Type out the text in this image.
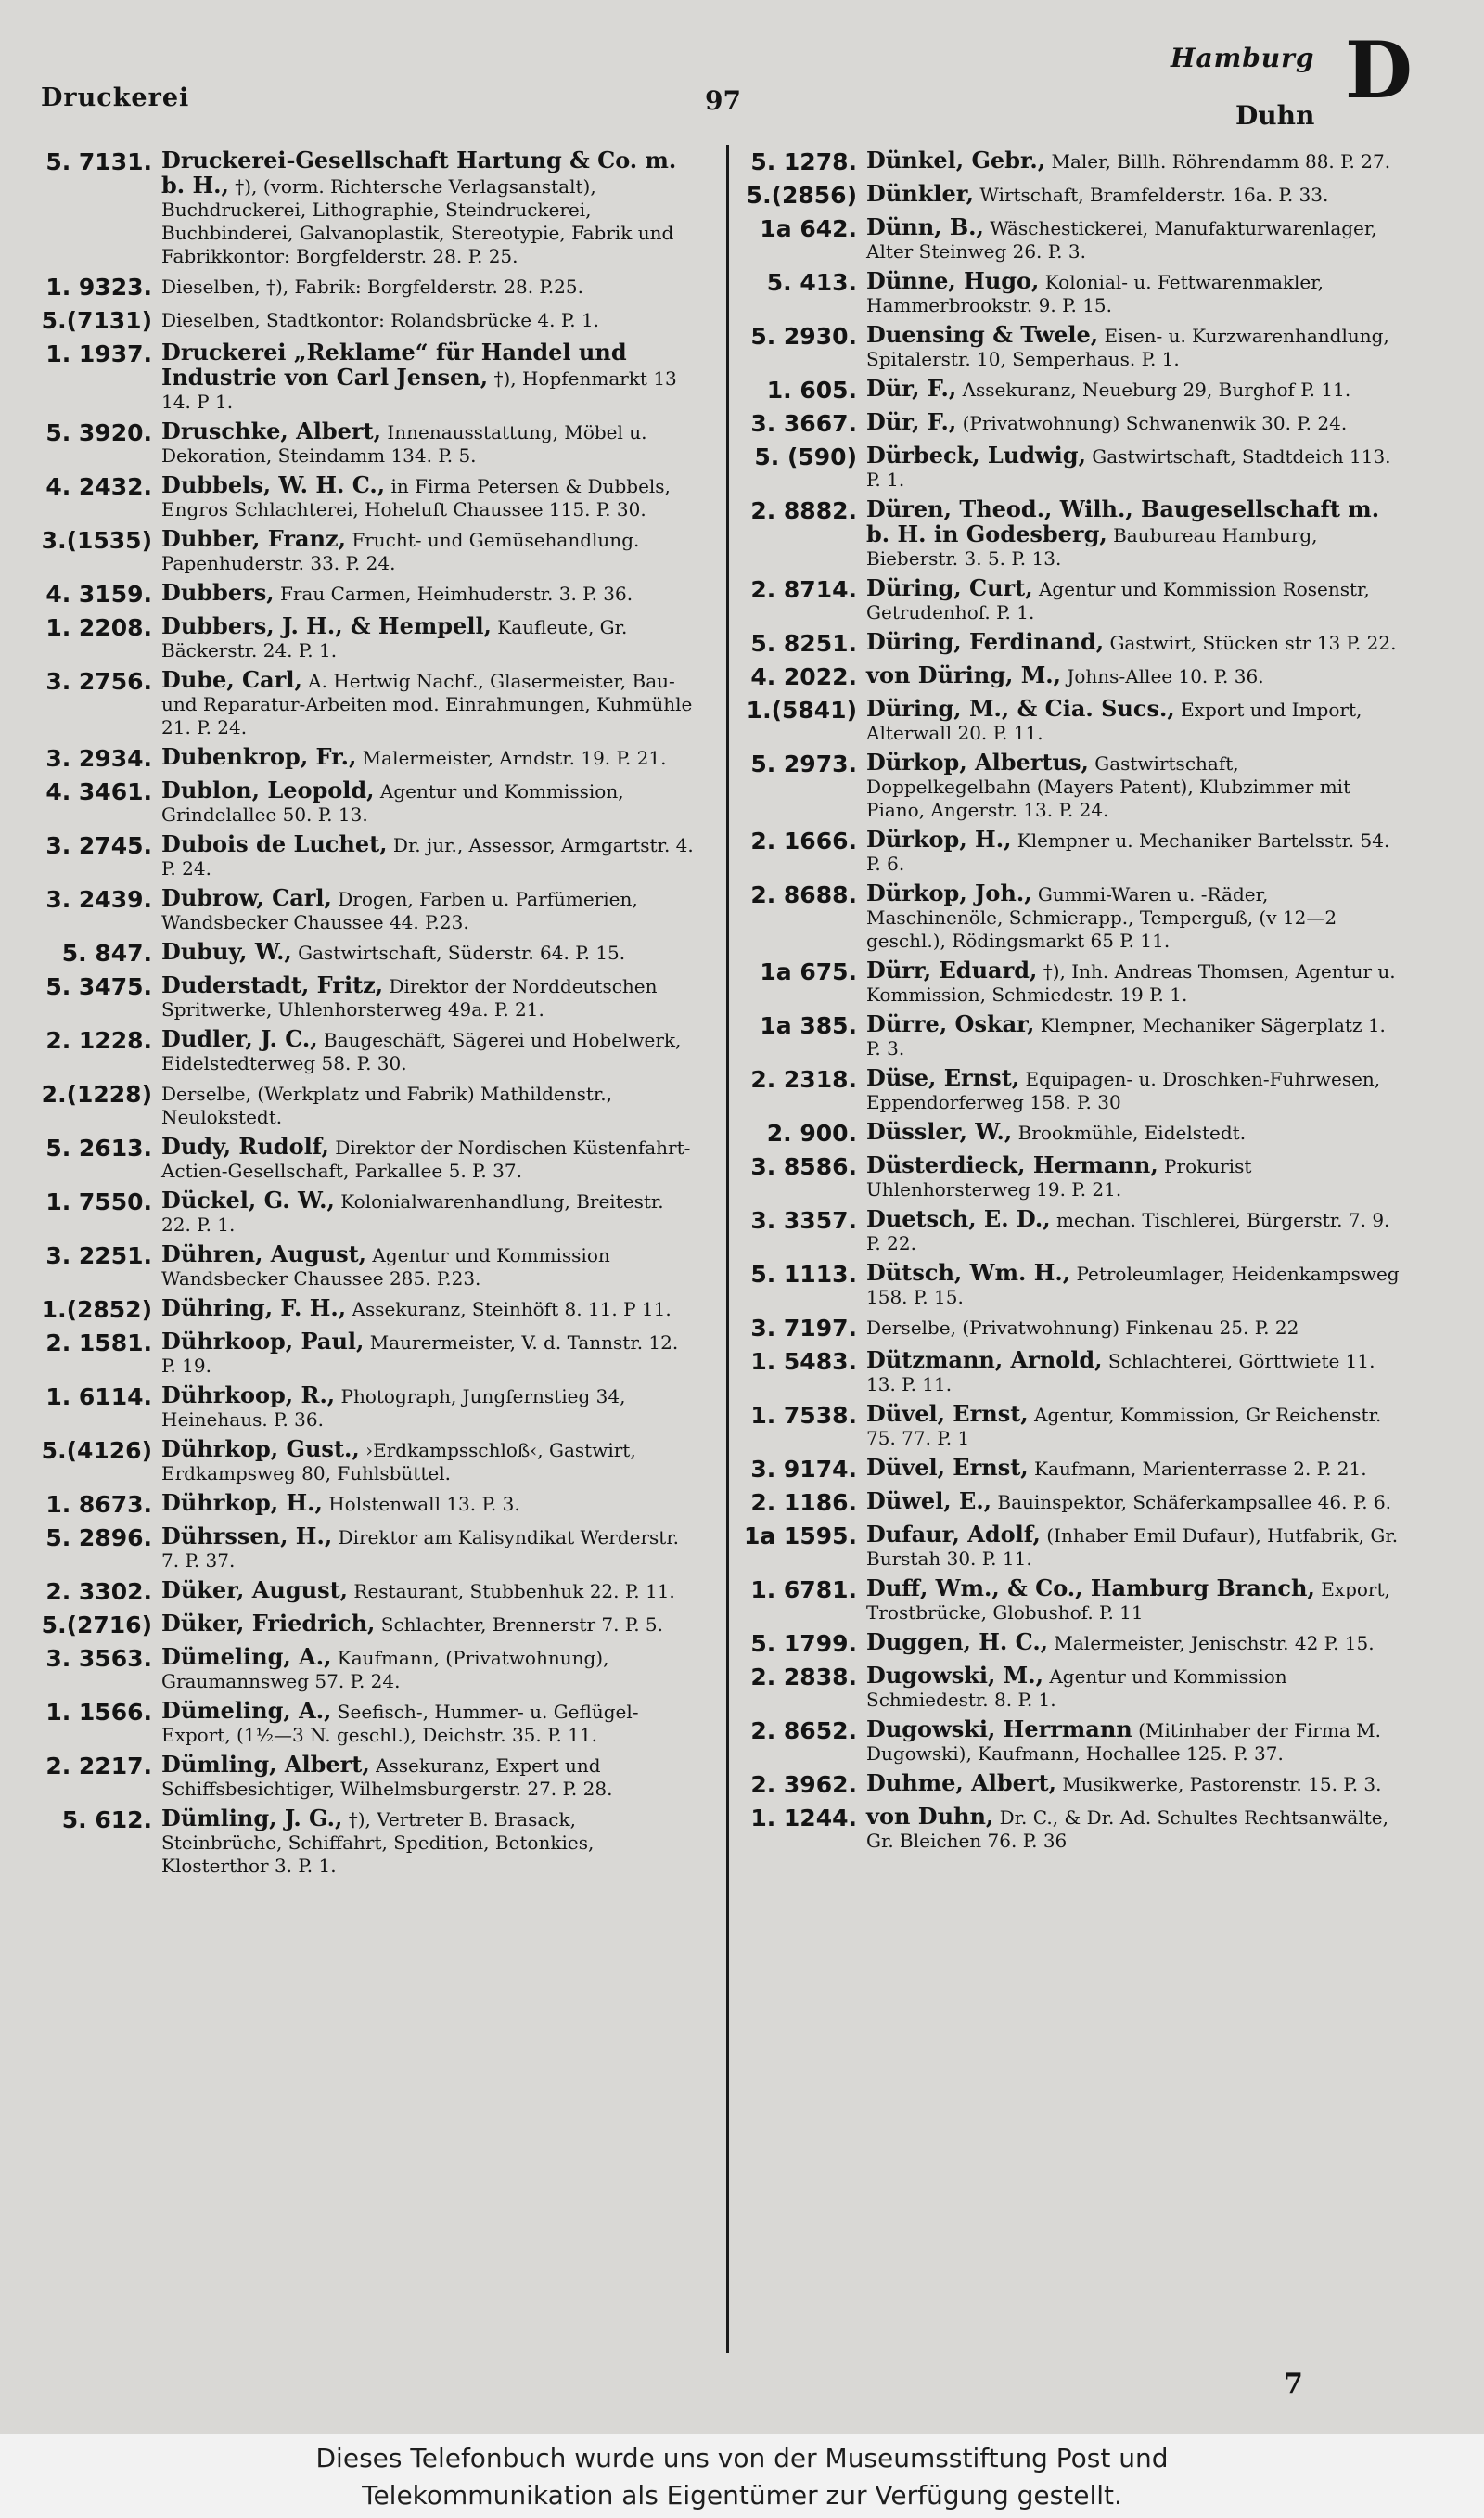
Druckerei	97
Hamburg
Duhn D
5. 7131. Druckerei-Gesellschaft Hartung & Co. m. b. H., †), (vorm. Richtersche Verlagsanstalt), Buchdruckerei, Lithographie, Steindruckerei, Buchbinderei, Galvanoplastik, Stereotypie, Fabrik und Fabrikkontor: Borgfelderstr. 28. P. 25.
1. 9323. Dieselben, †), Fabrik: Borgfelderstr. 28. P.25.
5.(7131) Dieselben, Stadtkontor: Rolandsbrücke 4. P. 1.
1. 1937. Druckerei „Reklame“ für Handel und Industrie von Carl Jensen, †), Hopfenmarkt 13 14. P 1.
5. 3920. Druschke, Albert, Innenausstattung, Möbel u. Dekoration, Steindamm 134. P. 5.
4. 2432. Dubbels, W. H. C., in Firma Petersen & Dubbels, Engros Schlachterei, Hoheluft Chaussee 115. P. 30.
3.(1535) Dubber, Franz, Frucht- und Gemüsehandlung. Papenhuderstr. 33. P. 24.
4. 3159. Dubbers, Frau Carmen, Heimhuderstr. 3. P. 36.
1. 2208. Dubbers, J. H., & Hempell, Kaufleute, Gr. Bäckerstr. 24. P. 1.
3. 2756. Dube, Carl, A. Hertwig Nachf., Glasermeister, Bau- und Reparatur-Arbeiten mod. Einrahmungen, Kuhmühle 21. P. 24.
3. 2934. Dubenkrop, Fr., Malermeister, Arndstr. 19. P. 21.
4. 3461. Dublon, Leopold, Agentur und Kommission, Grindelallee 50. P. 13.
3. 2745. Dubois de Luchet, Dr. jur., Assessor, Armgartstr. 4. P. 24.
3. 2439. Dubrow, Carl, Drogen, Farben u. Parfümerien, Wandsbecker Chaussee 44. P.23.
5. 847. Dubuy, W., Gastwirtschaft, Süderstr. 64. P. 15.
5. 3475. Duderstadt, Fritz, Direktor der Norddeutschen Spritwerke, Uhlenhorsterweg 49a. P. 21.
2. 1228. Dudler, J. C., Baugeschäft, Sägerei und Hobelwerk, Eidelstedterweg 58. P. 30.
2.(1228) Derselbe, (Werkplatz und Fabrik) Mathildenstr., Neulokstedt.
5. 2613. Dudy, Rudolf, Direktor der Nordischen Küstenfahrt-Actien-Gesellschaft, Parkallee 5. P. 37.
1. 7550. Dückel, G. W., Kolonialwarenhandlung, Breitestr. 22. P. 1.
3. 2251. Dühren, August, Agentur und Kommission Wandsbecker Chaussee 285. P.23.
1.(2852) Dühring, F. H., Assekuranz, Steinhöft 8. 11. P 11.
2. 1581. Dührkoop, Paul, Maurermeister, V. d. Tannstr. 12. P. 19.
1. 6114. Dührkoop, R., Photograph, Jungfernstieg 34, Heinehaus. P. 36.
5.(4126) Dührkop, Gust., ›Erdkampsschloß‹, Gastwirt, Erdkampsweg 80, Fuhlsbüttel.
1. 8673. Dührkop, H., Holstenwall 13. P. 3.
5. 2896. Dührssen, H., Direktor am Kalisyndikat Werderstr. 7. P. 37.
2. 3302. Düker, August, Restaurant, Stubbenhuk 22. P. 11.
5.(2716) Düker, Friedrich, Schlachter, Brennerstr 7. P. 5.
3. 3563. Dümeling, A., Kaufmann, (Privatwohnung), Graumannsweg 57. P. 24.
1. 1566. Dümeling, A., Seefisch-, Hummer- u. Geflügel-Export, (1½—3 N. geschl.), Deichstr. 35. P. 11.
2. 2217. Dümling, Albert, Assekuranz, Expert und Schiffsbesichtiger, Wilhelmsburgerstr. 27. P. 28.
5. 612. Dümling, J. G., †), Vertreter B. Brasack, Steinbrüche, Schiffahrt, Spedition, Betonkies, Klosterthor 3. P. 1.
5. 1278. Dünkel, Gebr., Maler, Billh. Röhrendamm 88. P. 27.
5.(2856) Dünkler, Wirtschaft, Bramfelderstr. 16a. P. 33.
1a 642. Dünn, B., Wäschestickerei, Manufakturwarenlager, Alter Steinweg 26. P. 3.
5. 413. Dünne, Hugo, Kolonial- u. Fettwarenmakler, Hammerbrookstr. 9. P. 15.
5. 2930. Duensing & Twele, Eisen- u. Kurzwarenhandlung, Spitalerstr. 10, Semperhaus. P. 1.
1. 605. Dür, F., Assekuranz, Neueburg 29, Burghof P. 11.
3. 3667. Dür, F., (Privatwohnung) Schwanenwik 30. P. 24.
5. (590) Dürbeck, Ludwig, Gastwirtschaft, Stadtdeich 113. P. 1.
2. 8882. Düren, Theod., Wilh., Baugesellschaft m. b. H. in Godesberg, Baubureau Hamburg, Bieberstr. 3. 5. P. 13.
2. 8714. Düring, Curt, Agentur und Kommission Rosenstr, Getrudenhof. P. 1.
5. 8251. Düring, Ferdinand, Gastwirt, Stücken str 13 P. 22.
4. 2022. von Düring, M., Johns-Allee 10. P. 36.
1.(5841) Düring, M., & Cia. Sucs., Export und Import, Alterwall 20. P. 11.
5. 2973. Dürkop, Albertus, Gastwirtschaft, Doppelkegelbahn (Mayers Patent), Klubzimmer mit Piano, Angerstr. 13. P. 24.
2. 1666. Dürkop, H., Klempner u. Mechaniker Bartelsstr. 54. P. 6.
2. 8688. Dürkop, Joh., Gummi-Waren u. -Räder, Maschinenöle, Schmierapp., Temperguß, (v 12—2 geschl.), Rödingsmarkt 65 P. 11.
1a 675. Dürr, Eduard, †), Inh. Andreas Thomsen, Agentur u. Kommission, Schmiedestr. 19 P. 1.
1a 385. Dürre, Oskar, Klempner, Mechaniker Sägerplatz 1. P. 3.
2. 2318. Düse, Ernst, Equipagen- u. Droschken-Fuhrwesen, Eppendorferweg 158. P. 30
2. 900. Düssler, W., Brookmühle, Eidelstedt.
3. 8586. Düsterdieck, Hermann, Prokurist Uhlenhorsterweg 19. P. 21.
3. 3357. Duetsch, E. D., mechan. Tischlerei, Bürgerstr. 7. 9. P. 22.
5. 1113. Dütsch, Wm. H., Petroleumlager, Heidenkampsweg 158. P. 15.
3. 7197. Derselbe, (Privatwohnung) Finkenau 25. P. 22
1. 5483. Dützmann, Arnold, Schlachterei, Görttwiete 11. 13. P. 11.
1. 7538. Düvel, Ernst, Agentur, Kommission, Gr Reichenstr. 75. 77. P. 1
3. 9174. Düvel, Ernst, Kaufmann, Marienterrasse 2. P. 21.
2. 1186. Düwel, E., Bauinspektor, Schäferkampsallee 46. P. 6.
1a 1595. Dufaur, Adolf, (Inhaber Emil Dufaur), Hutfabrik, Gr. Burstah 30. P. 11.
1. 6781. Duff, Wm., & Co., Hamburg Branch, Export, Trostbrücke, Globushof. P. 11
5. 1799. Duggen, H. C., Malermeister, Jenischstr. 42 P. 15.
2. 2838. Dugowski, M., Agentur und Kommission Schmiedestr. 8. P. 1.
2. 8652. Dugowski, Herrmann (Mitinhaber der Firma M. Dugowski), Kaufmann, Hochallee 125. P. 37.
2. 3962. Duhme, Albert, Musikwerke, Pastorenstr. 15. P. 3.
1. 1244. von Duhn, Dr. C., & Dr. Ad. Schultes Rechtsanwälte, Gr. Bleichen 76. P. 36
7
Dieses Telefonbuch wurde uns von der Museumsstiftung Post und
Telekommunikation als Eigentümer zur Verfügung gestellt.
